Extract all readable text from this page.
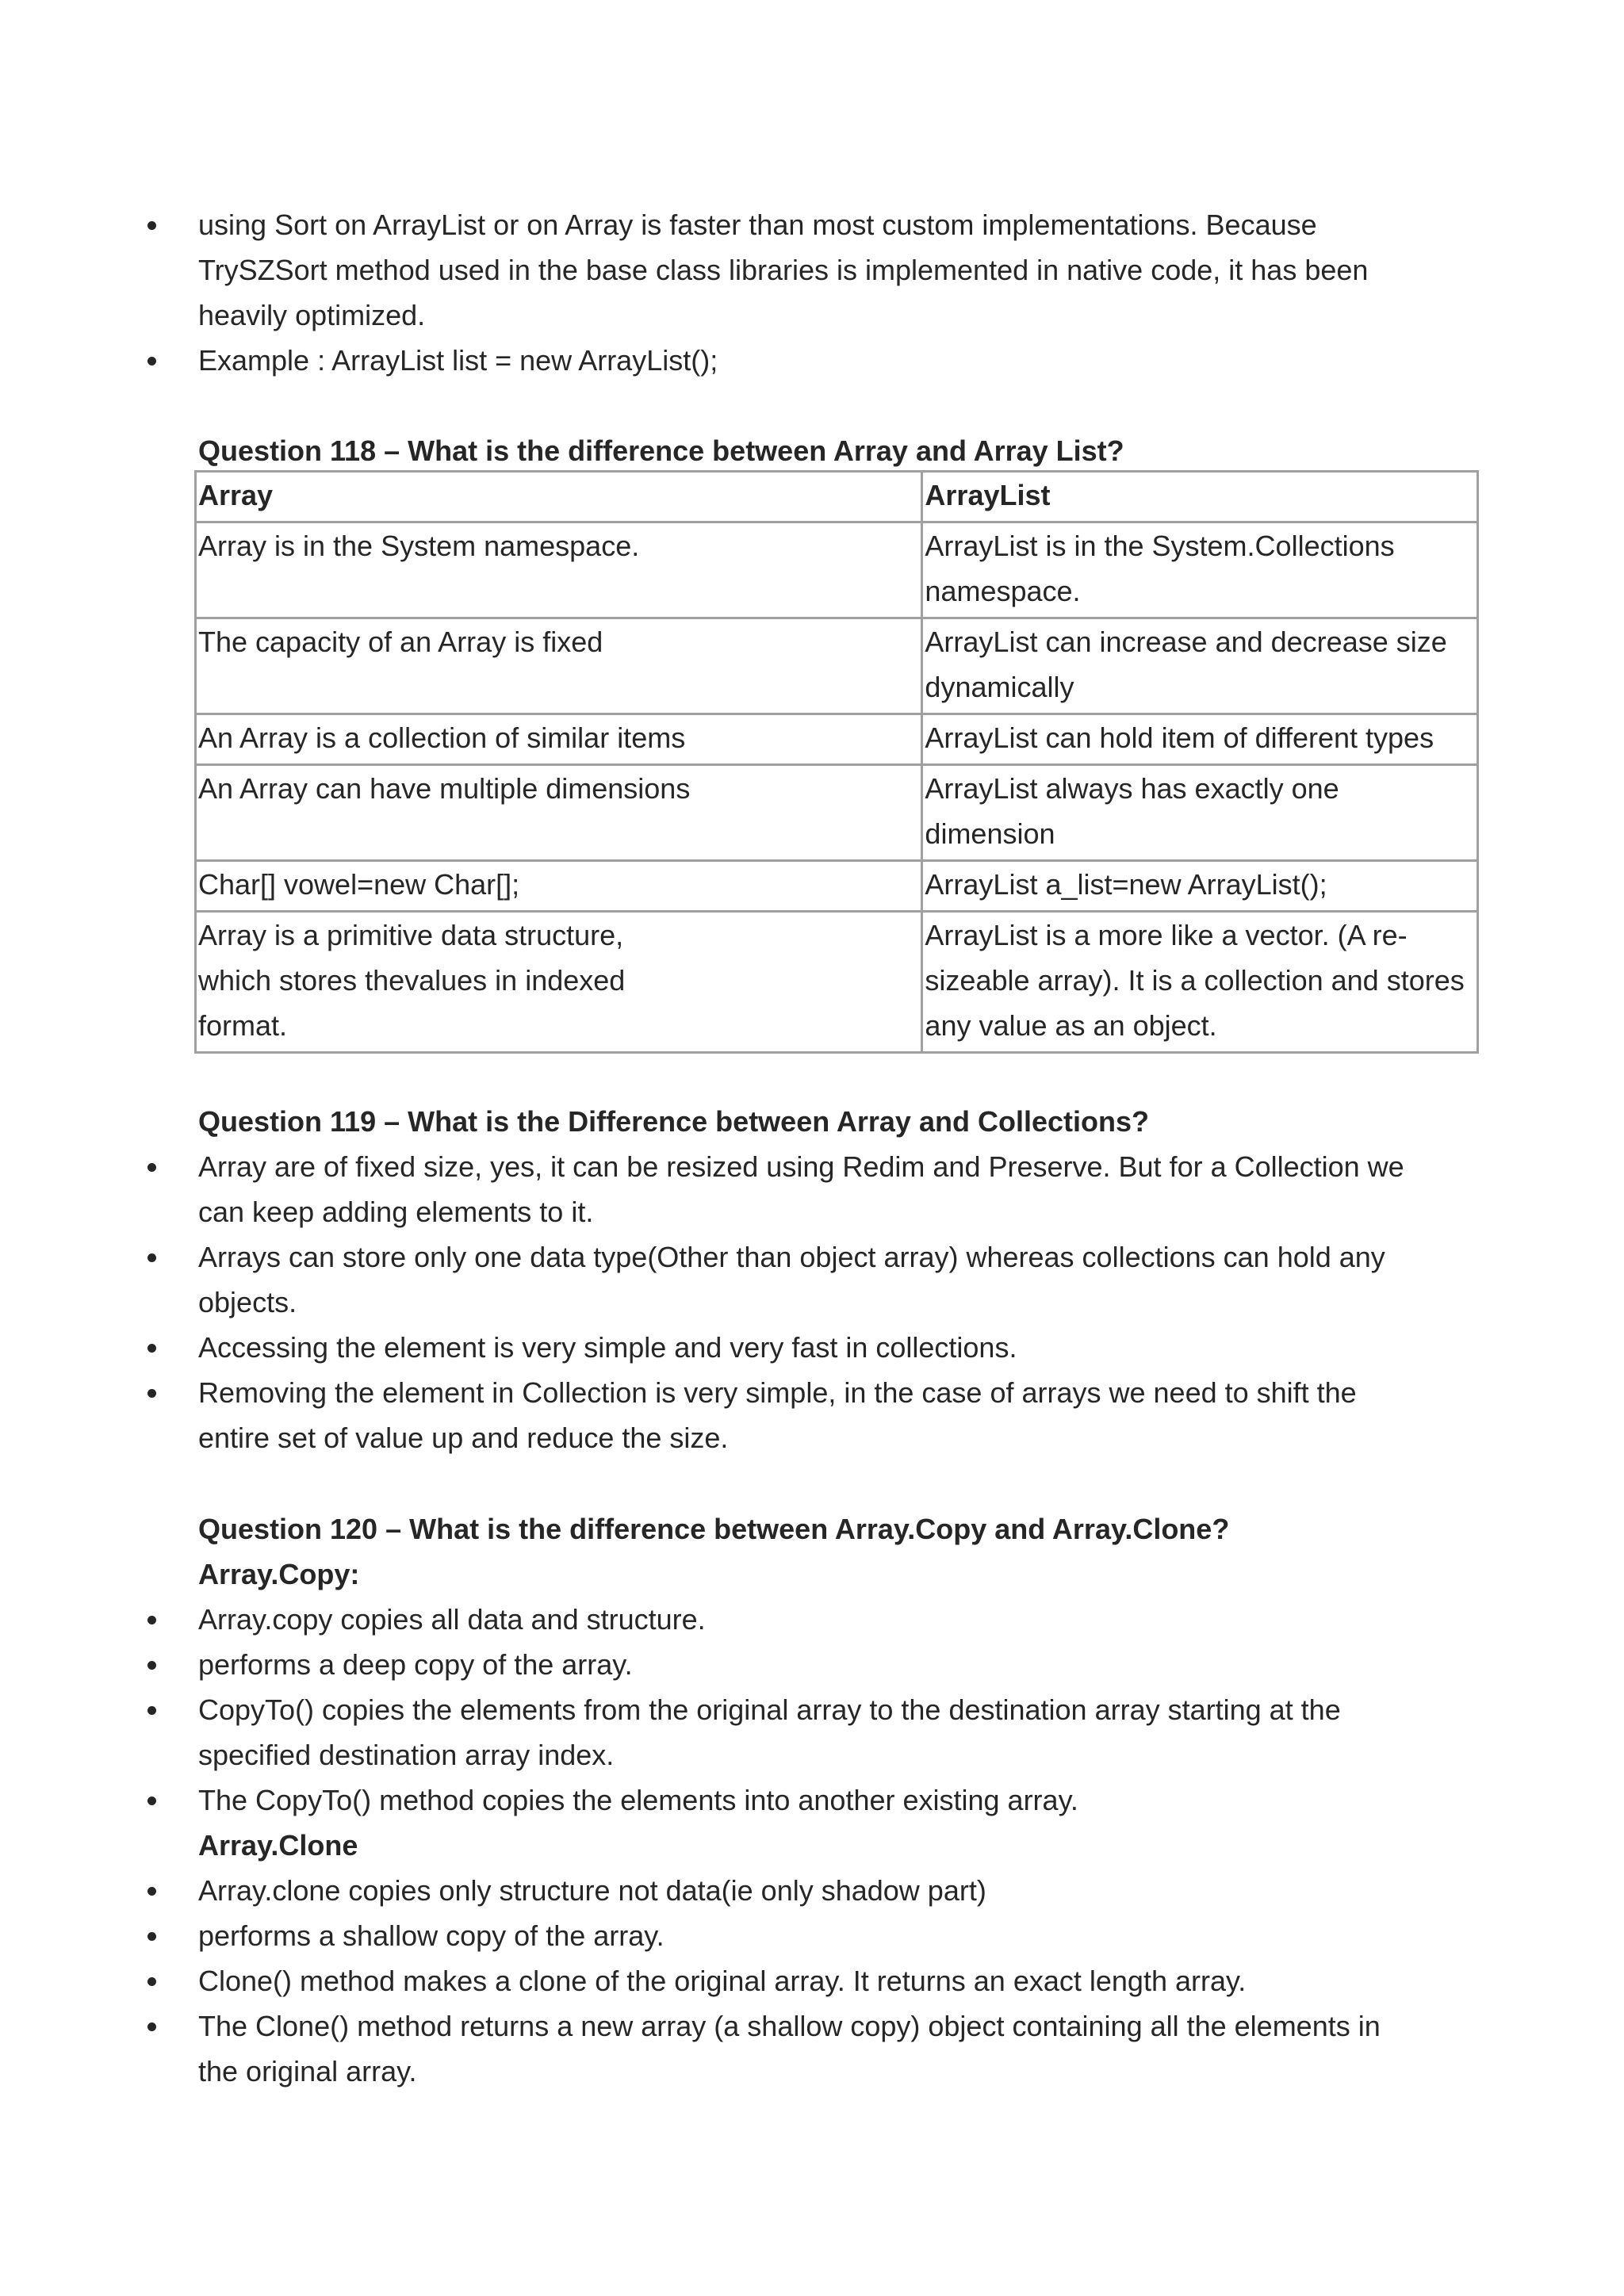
using Sort on ArrayList or on Array is faster than most custom implementations. Because TrySZSort method used in the base class libraries is implemented in native code, it has been heavily optimized.
Example : ArrayList list = new ArrayList();
Question 118 – What is the difference between Array and Array List?
Array	ArrayList
Array is in the System namespace.	ArrayList is in the System.Collections namespace.
The capacity of an Array is fixed	ArrayList can increase and decrease size dynamically
An Array is a collection of similar items	ArrayList can hold item of different types
An Array can have multiple dimensions	ArrayList always has exactly one dimension
Char[] vowel=new Char[];	ArrayList a_list=new ArrayList();
Array is a primitive data structure, which stores thevalues in indexed format.	ArrayList is a more like a vector. (A re-sizeable array). It is a collection and stores any value as an object.
Question 119 – What is the Difference between Array and Collections?
Array are of fixed size, yes, it can be resized using Redim and Preserve. But for a Collection we can keep adding elements to it.
Arrays can store only one data type(Other than object array) whereas collections can hold any objects.
Accessing the element is very simple and very fast in collections.
Removing the element in Collection is very simple, in the case of arrays we need to shift the entire set of value up and reduce the size.
Question 120 – What is the difference between Array.Copy and Array.Clone?
Array.Copy:
Array.copy copies all data and structure.
performs a deep copy of the array.
CopyTo() copies the elements from the original array to the destination array starting at the specified destination array index.
The CopyTo() method copies the elements into another existing array.
Array.Clone
Array.clone copies only structure not data(ie only shadow part)
performs a shallow copy of the array.
Clone() method makes a clone of the original array. It returns an exact length array.
The Clone() method returns a new array (a shallow copy) object containing all the elements in the original array.
